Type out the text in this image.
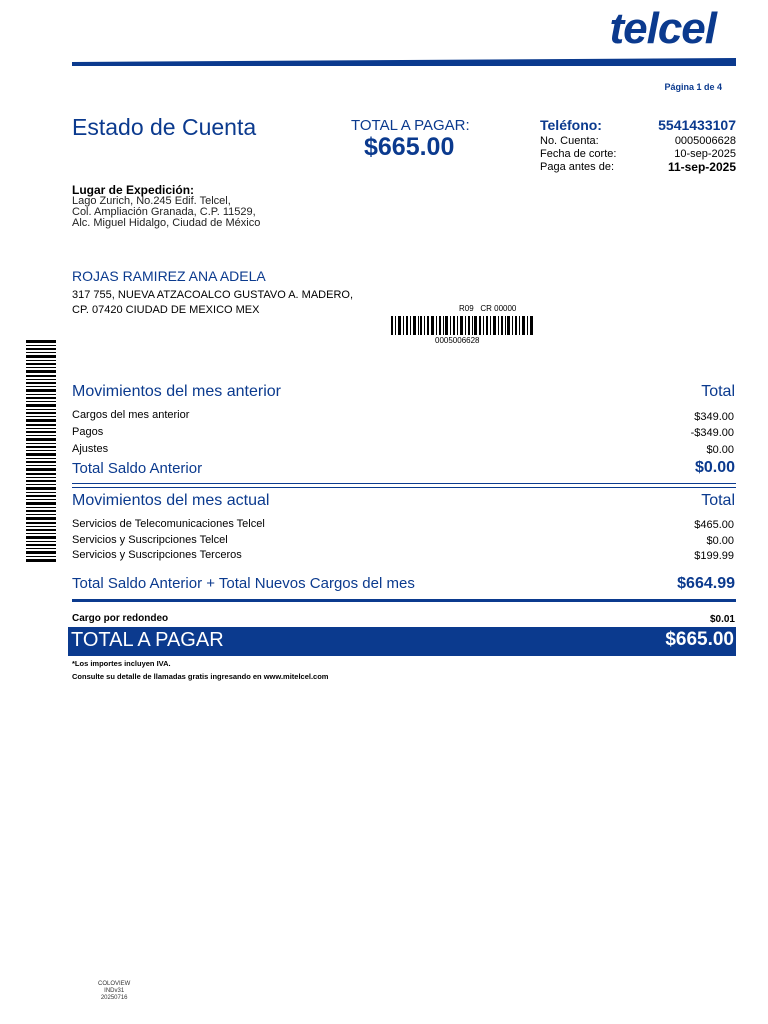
telcel
Página 1 de 4
Estado de Cuenta	TOTAL A PAGAR:
$665.00
Teléfono:	5541433107
No. Cuenta:	0005006628
Fecha de corte:	10-sep-2025
Paga antes de:	11-sep-2025
Lugar de Expedición:
Lago Zurich, No.245 Edif. Telcel,
Col. Ampliación Granada, C.P. 11529,
Alc. Miguel Hidalgo, Ciudad de México
ROJAS RAMIREZ ANA ADELA
317 755, NUEVA ATZACOALCO GUSTAVO A. MADERO,
CP. 07420 CIUDAD DE MEXICO MEX	R09   CR 00000
0005006628
Movimientos del mes anterior	Total
Cargos del mes anterior	$349.00
Pagos	-$349.00
Ajustes	$0.00
Total Saldo Anterior	$0.00
Movimientos del mes actual	Total
Servicios de Telecomunicaciones Telcel	$465.00
Servicios y Suscripciones Telcel	$0.00
Servicios y Suscripciones Terceros	$199.99
Total Saldo Anterior + Total Nuevos Cargos del mes	$664.99
Cargo por redondeo	$0.01
TOTAL A PAGAR	$665.00
*Los importes incluyen IVA.
Consulte su detalle de llamadas gratis ingresando en www.mitelcel.com
COLOVIEW
INDv31
20250716
